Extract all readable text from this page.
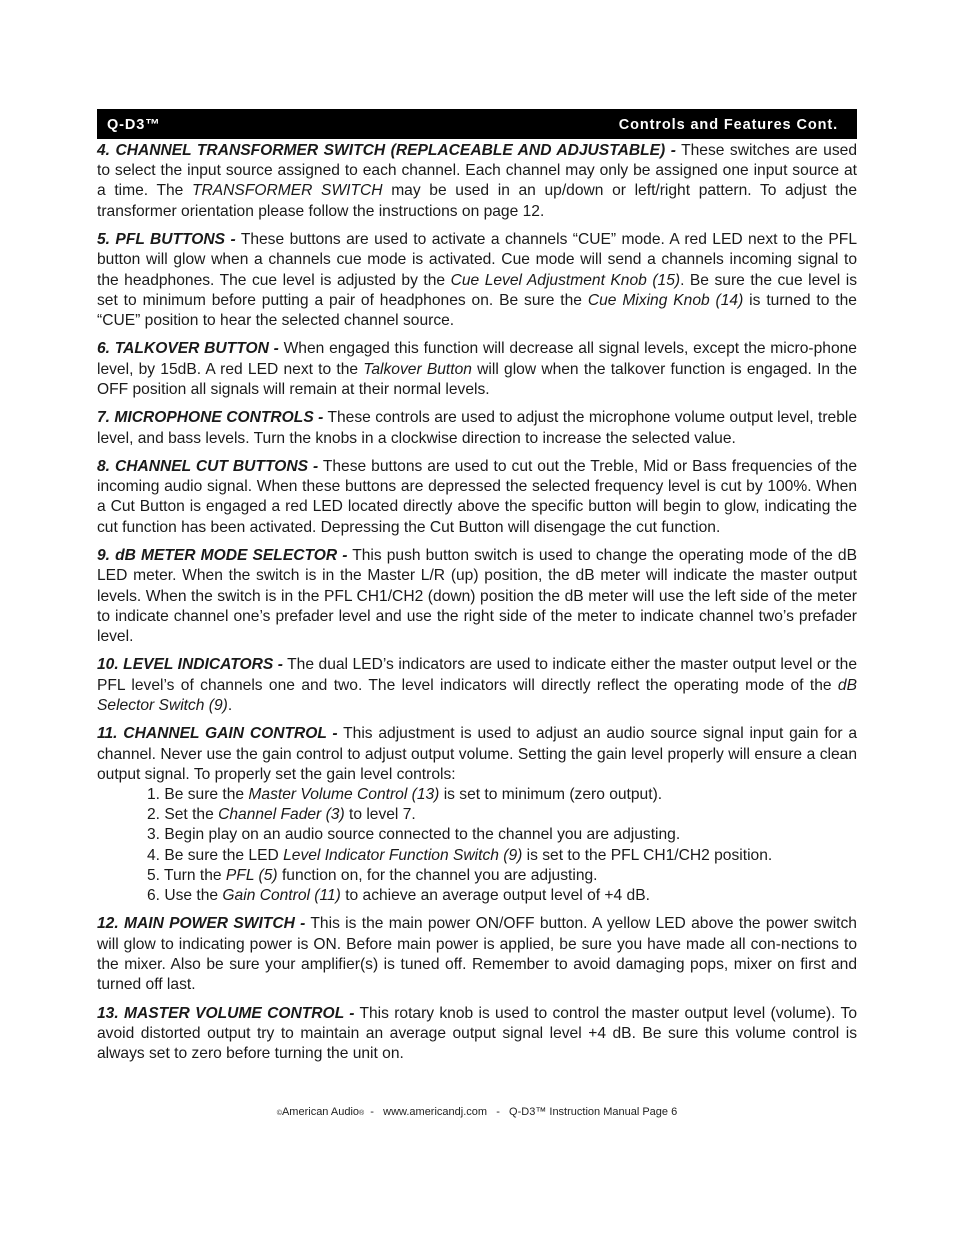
Q-D3™	Controls and Features Cont.

4. CHANNEL TRANSFORMER SWITCH (REPLACEABLE AND ADJUSTABLE) - These switches are used to select the input source assigned to each channel. Each channel may only be assigned one input source at a time. The TRANSFORMER SWITCH may be used in an up/down or left/right pattern. To adjust the transformer orientation please follow the instructions on page 12.

5. PFL BUTTONS - These buttons are used to activate a channels “CUE” mode. A red LED next to the PFL button will glow when a channels cue mode is activated. Cue mode will send a channels incoming signal to the headphones. The cue level is adjusted by the Cue Level Adjustment Knob (15). Be sure the cue level is set to minimum before putting a pair of headphones on. Be sure the Cue Mixing Knob (14) is turned to the “CUE” position to hear the selected channel source.

6. TALKOVER BUTTON - When engaged this function will decrease all signal levels, except the micro-phone level, by 15dB. A red LED next to the Talkover Button will glow when the talkover function is engaged. In the OFF position all signals will remain at their normal levels.

7. MICROPHONE CONTROLS - These controls are used to adjust the microphone volume output level, treble level, and bass levels. Turn the knobs in a clockwise direction to increase the selected value.

8. CHANNEL CUT BUTTONS - These buttons are used to cut out the Treble, Mid or Bass frequencies of the incoming audio signal. When these buttons are depressed the selected frequency level is cut by 100%. When a Cut Button is engaged a red LED located directly above the specific button will begin to glow, indicating the cut function has been activated. Depressing the Cut Button will disengage the cut function.

9. dB METER MODE SELECTOR - This push button switch is used to change the operating mode of the dB LED meter. When the switch is in the Master L/R (up) position, the dB meter will indicate the master output levels. When the switch is in the PFL CH1/CH2 (down) position the dB meter will use the left side of the meter to indicate channel one’s prefader level and use the right side of the meter to indicate channel two’s prefader level.

10. LEVEL INDICATORS - The dual LED’s indicators are used to indicate either the master output level or the PFL level’s of channels one and two. The level indicators will directly reflect the operating mode of the dB Selector Switch (9).

11. CHANNEL GAIN CONTROL - This adjustment is used to adjust an audio source signal input gain for a channel. Never use the gain control to adjust output volume. Setting the gain level properly will ensure a clean output signal. To properly set the gain level controls:
1. Be sure the Master Volume Control (13) is set to minimum (zero output).
2. Set the Channel Fader (3) to level 7.
3. Begin play on an audio source connected to the channel you are adjusting.
4. Be sure the LED Level Indicator Function Switch (9) is set to the PFL CH1/CH2 position.
5. Turn the PFL (5) function on, for the channel you are adjusting.
6. Use the Gain Control (11) to achieve an average output level of +4 dB.

12. MAIN POWER SWITCH - This is the main power ON/OFF button. A yellow LED above the power switch will glow to indicating power is ON. Before main power is applied, be sure you have made all con-nections to the mixer. Also be sure your amplifier(s) is tuned off. Remember to avoid damaging pops, mixer on first and turned off last.

13. MASTER VOLUME CONTROL - This rotary knob is used to control the master output level (volume). To avoid distorted output try to maintain an average output signal level +4 dB. Be sure this volume control is always set to zero before turning the unit on.

©American Audio®  -   www.americandj.com   -   Q-D3™ Instruction Manual Page 6
